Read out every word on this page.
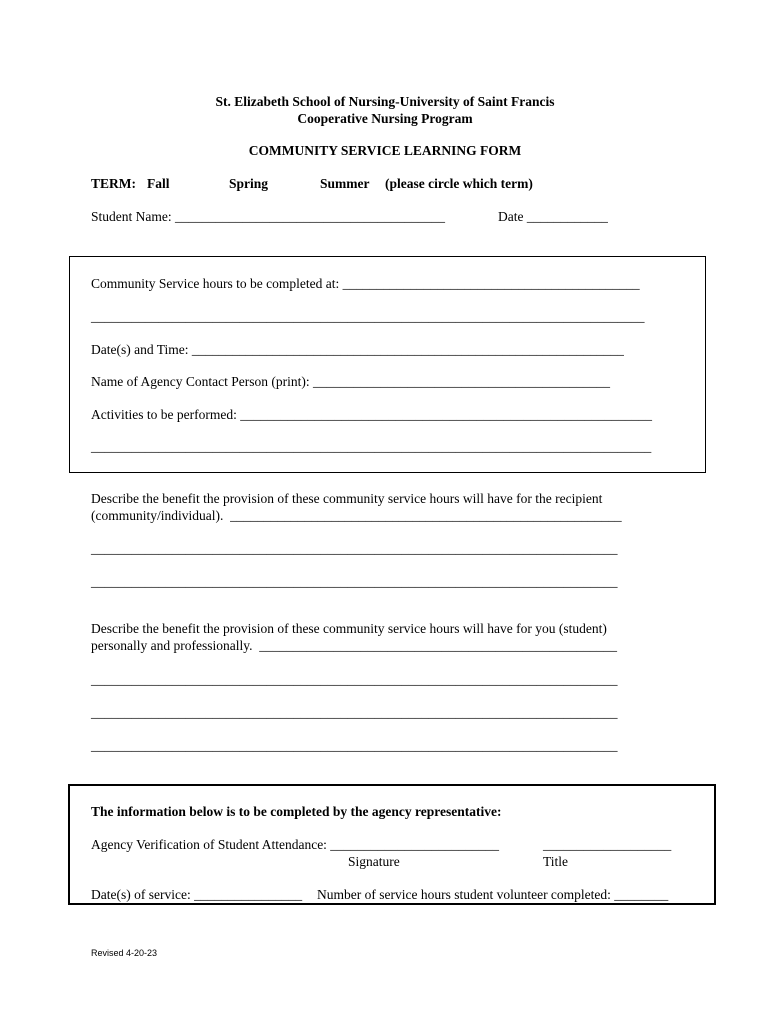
St. Elizabeth School of Nursing-University of Saint Francis
Cooperative Nursing Program
COMMUNITY SERVICE LEARNING FORM
TERM: Fall	Spring	Summer (please circle which term)
Student Name: ________________________________________	Date ____________
Community Service hours to be completed at: ____________________________________________
__________________________________________________________________________________
Date(s) and Time: ________________________________________________________________
Name of Agency Contact Person (print): ____________________________________________
Activities to be performed: _____________________________________________________________
___________________________________________________________________________________
Describe the benefit the provision of these community service hours will have for the recipient
(community/individual).  __________________________________________________________
______________________________________________________________________________
______________________________________________________________________________
Describe the benefit the provision of these community service hours will have for you (student)
personally and professionally.  _____________________________________________________
______________________________________________________________________________
______________________________________________________________________________
______________________________________________________________________________
The information below is to be completed by the agency representative:
Agency Verification of Student Attendance: _________________________	___________________
Signature	Title
Date(s) of service: ________________ Number of service hours student volunteer completed: ________
Revised 4-20-23
